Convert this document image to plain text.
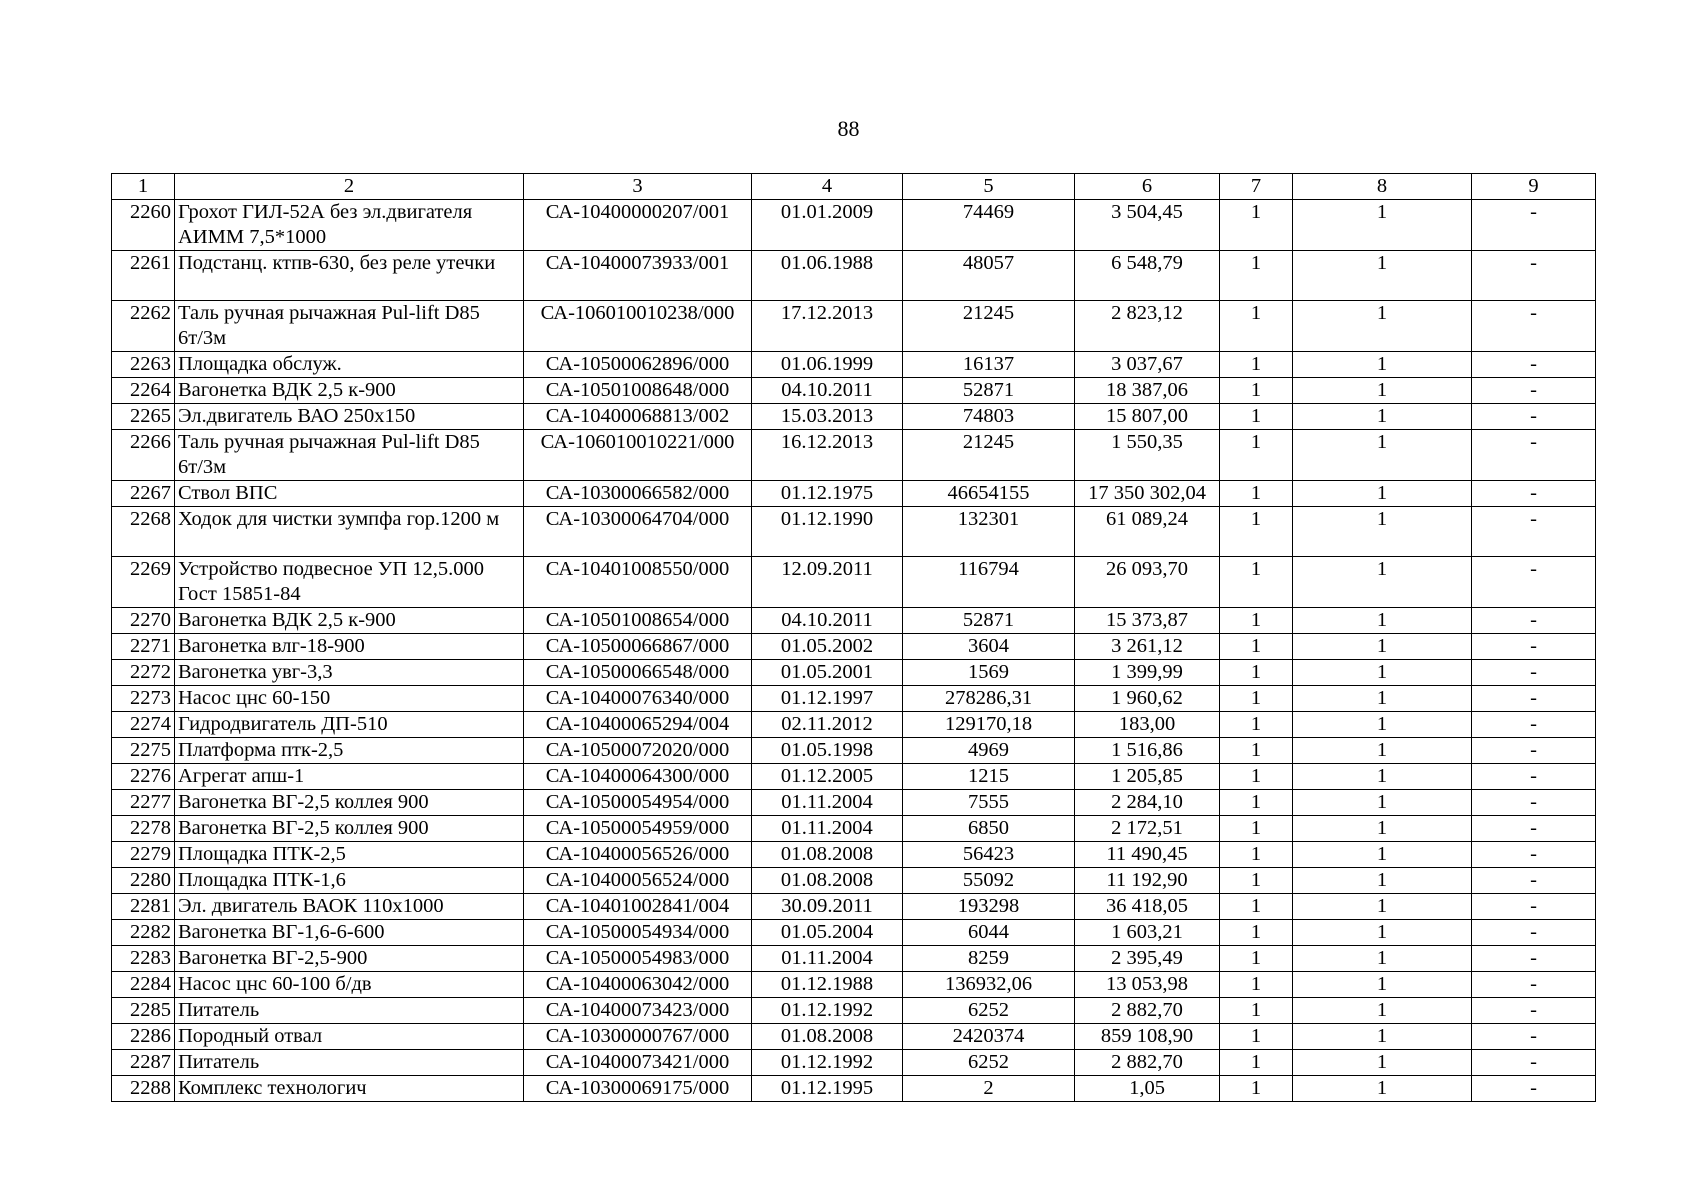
88
1	2	3	4	5	6	7	8	9
2260	Грохот ГИЛ-52А без эл.двигателя АИММ 7,5*1000	СА-10400000207/001	01.01.2009	74469	3 504,45	1	1	-
2261	Подстанц. ктпв-630, без реле утечки	СА-10400073933/001	01.06.1988	48057	6 548,79	1	1	-
2262	Таль ручная рычажная Pul-lift D85 6т/3м	СА-106010010238/000	17.12.2013	21245	2 823,12	1	1	-
2263	Площадка обслуж.	СА-10500062896/000	01.06.1999	16137	3 037,67	1	1	-
2264	Вагонетка ВДК 2,5 к-900	СА-10501008648/000	04.10.2011	52871	18 387,06	1	1	-
2265	Эл.двигатель ВАО 250х150	СА-10400068813/002	15.03.2013	74803	15 807,00	1	1	-
2266	Таль ручная рычажная Pul-lift D85 6т/3м	СА-106010010221/000	16.12.2013	21245	1 550,35	1	1	-
2267	Ствол ВПС	СА-10300066582/000	01.12.1975	46654155	17 350 302,04	1	1	-
2268	Ходок для чистки зумпфа гор.1200 м	СА-10300064704/000	01.12.1990	132301	61 089,24	1	1	-
2269	Устройство подвесное УП 12,5.000 Гост 15851-84	СА-10401008550/000	12.09.2011	116794	26 093,70	1	1	-
2270	Вагонетка ВДК 2,5 к-900	СА-10501008654/000	04.10.2011	52871	15 373,87	1	1	-
2271	Вагонетка влг-18-900	СА-10500066867/000	01.05.2002	3604	3 261,12	1	1	-
2272	Вагонетка увг-3,3	СА-10500066548/000	01.05.2001	1569	1 399,99	1	1	-
2273	Насос цнс 60-150	СА-10400076340/000	01.12.1997	278286,31	1 960,62	1	1	-
2274	Гидродвигатель ДП-510	СА-10400065294/004	02.11.2012	129170,18	183,00	1	1	-
2275	Платформа птк-2,5	СА-10500072020/000	01.05.1998	4969	1 516,86	1	1	-
2276	Агрегат апш-1	СА-10400064300/000	01.12.2005	1215	1 205,85	1	1	-
2277	Вагонетка ВГ-2,5 коллея 900	СА-10500054954/000	01.11.2004	7555	2 284,10	1	1	-
2278	Вагонетка ВГ-2,5 коллея 900	СА-10500054959/000	01.11.2004	6850	2 172,51	1	1	-
2279	Площадка ПТК-2,5	СА-10400056526/000	01.08.2008	56423	11 490,45	1	1	-
2280	Площадка ПТК-1,6	СА-10400056524/000	01.08.2008	55092	11 192,90	1	1	-
2281	Эл. двигатель ВАОК 110х1000	СА-10401002841/004	30.09.2011	193298	36 418,05	1	1	-
2282	Вагонетка ВГ-1,6-6-600	СА-10500054934/000	01.05.2004	6044	1 603,21	1	1	-
2283	Вагонетка ВГ-2,5-900	СА-10500054983/000	01.11.2004	8259	2 395,49	1	1	-
2284	Насос цнс 60-100 б/дв	СА-10400063042/000	01.12.1988	136932,06	13 053,98	1	1	-
2285	Питатель	СА-10400073423/000	01.12.1992	6252	2 882,70	1	1	-
2286	Породный отвал	СА-10300000767/000	01.08.2008	2420374	859 108,90	1	1	-
2287	Питатель	СА-10400073421/000	01.12.1992	6252	2 882,70	1	1	-
2288	Комплекс технологич	СА-10300069175/000	01.12.1995	2	1,05	1	1	-
